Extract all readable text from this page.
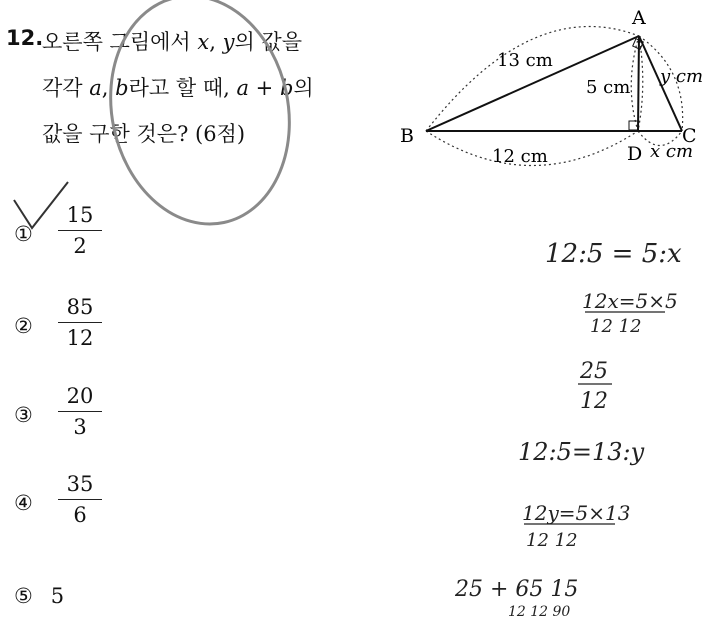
12.
오른쪽 그림에서 x, y의 값을
각각 a, b라고 할 때, a + b의
값을 구한 것은? (6점)
①	$\frac{15}{2}$
②	$\frac{85}{12}$
③	$\frac{20}{3}$
④	$\frac{35}{6}$
⑤ 5
A
B	C
D
13 cm
5 cm
y cm
12 cm	x cm
12:5 = 5:x
12x=5×5
12 12
25
12
12:5=13:y
12y=5×13
12 12
25 + 65 15
12 12 90
